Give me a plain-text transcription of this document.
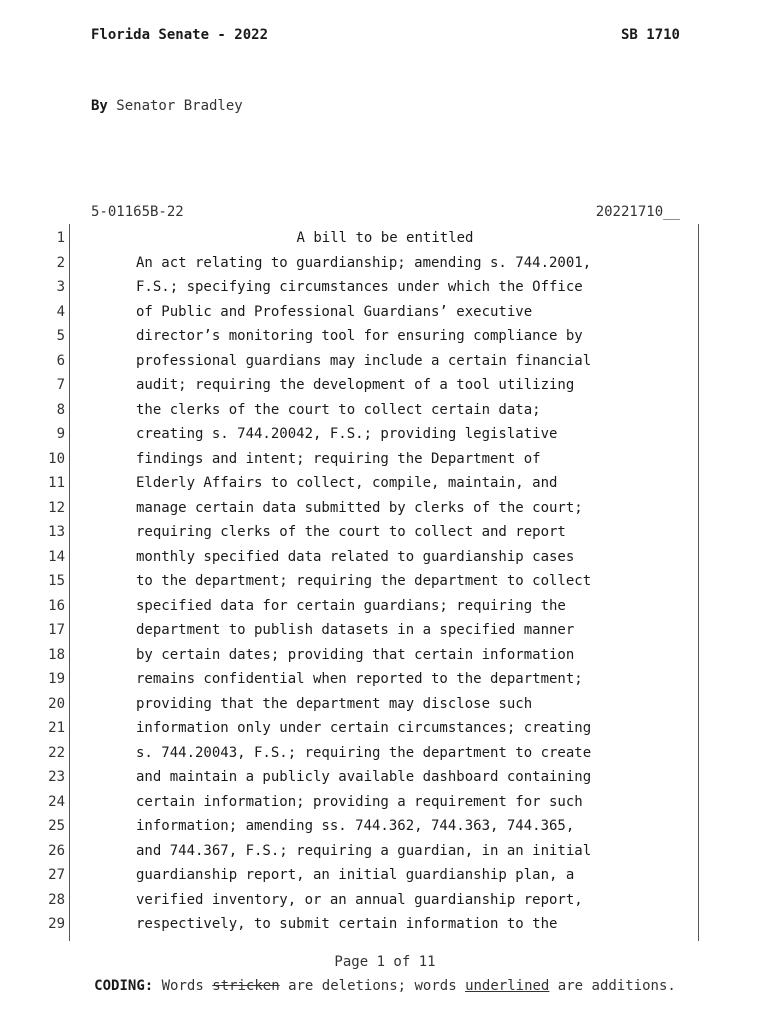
Florida Senate - 2022	SB 1710
By Senator Bradley
5-01165B-22	20221710__
1	A bill to be entitled
2	An act relating to guardianship; amending s. 744.2001,
3	F.S.; specifying circumstances under which the Office
4	of Public and Professional Guardians’ executive
5	director’s monitoring tool for ensuring compliance by
6	professional guardians may include a certain financial
7	audit; requiring the development of a tool utilizing
8	the clerks of the court to collect certain data;
9	creating s. 744.20042, F.S.; providing legislative
10	findings and intent; requiring the Department of
11	Elderly Affairs to collect, compile, maintain, and
12	manage certain data submitted by clerks of the court;
13	requiring clerks of the court to collect and report
14	monthly specified data related to guardianship cases
15	to the department; requiring the department to collect
16	specified data for certain guardians; requiring the
17	department to publish datasets in a specified manner
18	by certain dates; providing that certain information
19	remains confidential when reported to the department;
20	providing that the department may disclose such
21	information only under certain circumstances; creating
22	s. 744.20043, F.S.; requiring the department to create
23	and maintain a publicly available dashboard containing
24	certain information; providing a requirement for such
25	information; amending ss. 744.362, 744.363, 744.365,
26	and 744.367, F.S.; requiring a guardian, in an initial
27	guardianship report, an initial guardianship plan, a
28	verified inventory, or an annual guardianship report,
29	respectively, to submit certain information to the
Page 1 of 11
CODING: Words stricken are deletions; words underlined are additions.
